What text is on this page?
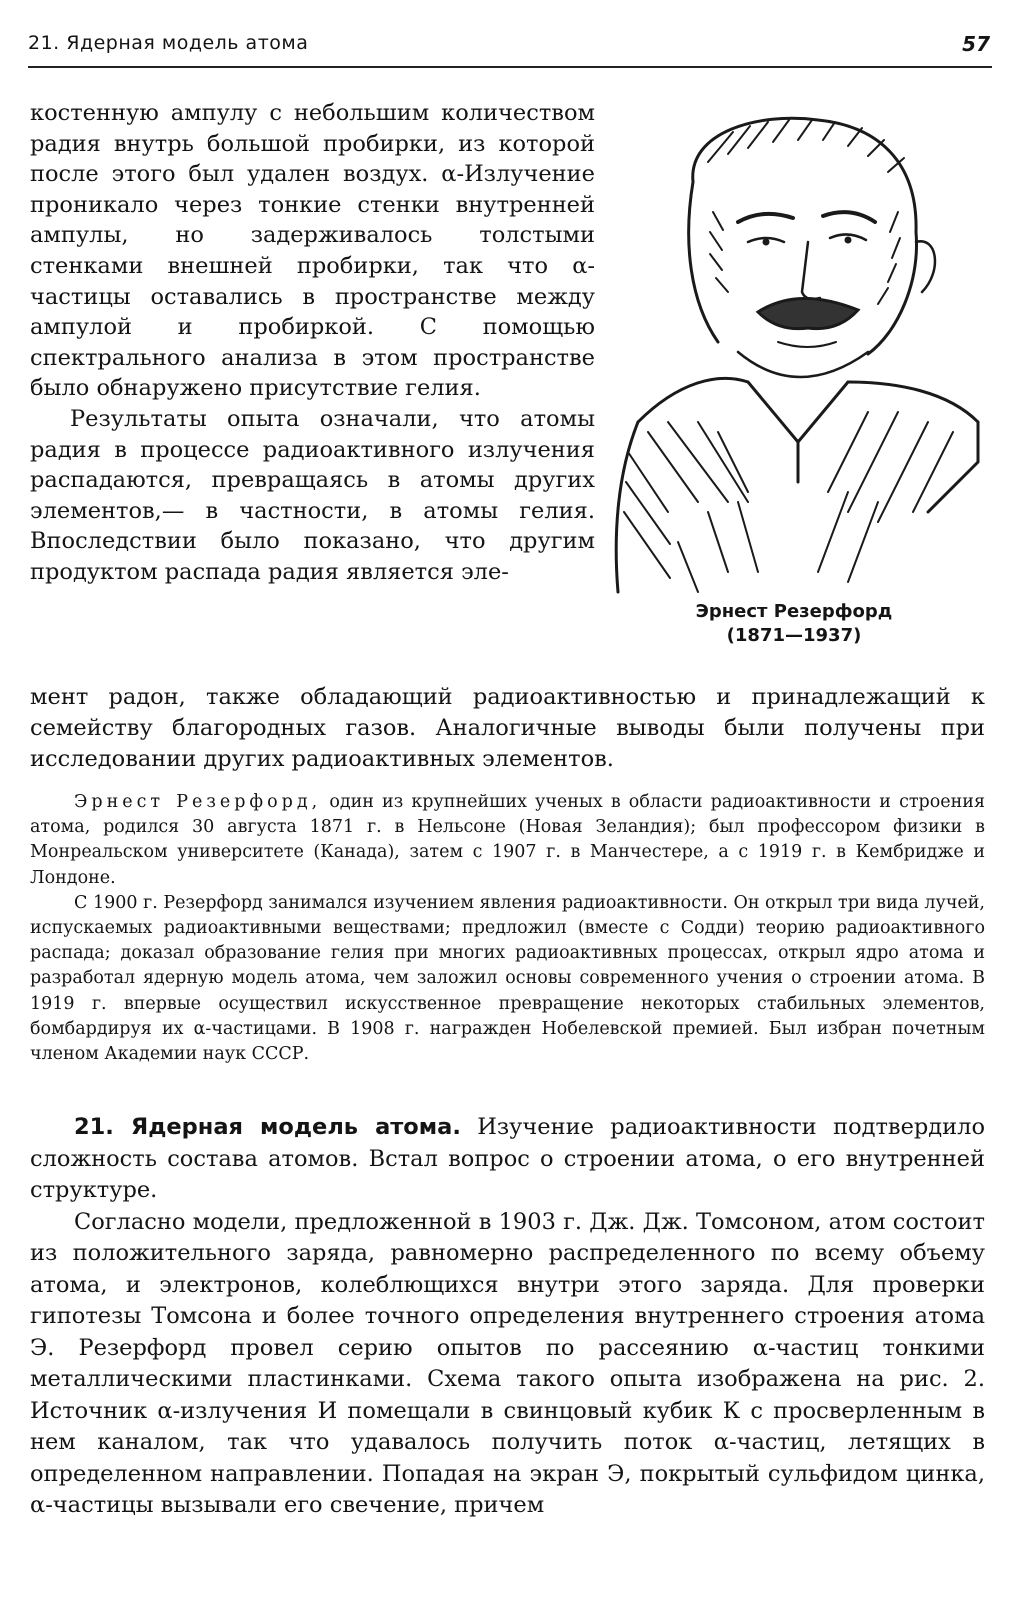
21. Ядерная модель атома	57

костенную ампулу с небольшим количеством радия внутрь большой пробирки, из которой после этого был удален воздух. α-Излучение проникало через тонкие стенки внутренней ампулы, но задерживалось толстыми стенками внешней пробирки, так что α-частицы оставались в пространстве между ампулой и пробиркой. С помощью спектрального анализа в этом пространстве было обнаружено присутствие гелия.

Результаты опыта означали, что атомы радия в процессе радиоактивного излучения распадаются, превращаясь в атомы других элементов,— в частности, в атомы гелия. Впоследствии было показано, что другим продуктом распада радия является эле-

Эрнест Резерфорд
(1871—1937)
мент радон, также обладающий радиоактивностью и принадлежащий к семейству благородных газов. Аналогичные выводы были получены при исследовании других радиоактивных элементов.

Эрнест Резерфорд, один из крупнейших ученых в области радиоактивности и строения атома, родился 30 августа 1871 г. в Нельсоне (Новая Зеландия); был профессором физики в Монреальском университете (Канада), затем с 1907 г. в Манчестере, а с 1919 г. в Кембридже и Лондоне.

С 1900 г. Резерфорд занимался изучением явления радиоактивности. Он открыл три вида лучей, испускаемых радиоактивными веществами; предложил (вместе с Содди) теорию радиоактивного распада; доказал образование гелия при многих радиоактивных процессах, открыл ядро атома и разработал ядерную модель атома, чем заложил основы современного учения о строении атома. В 1919 г. впервые осуществил искусственное превращение некоторых стабильных элементов, бомбардируя их α-частицами. В 1908 г. награжден Нобелевской премией. Был избран почетным членом Академии наук СССР.

21. Ядерная модель атома. Изучение радиоактивности подтвердило сложность состава атомов. Встал вопрос о строении атома, о его внутренней структуре.

Согласно модели, предложенной в 1903 г. Дж. Дж. Томсоном, атом состоит из положительного заряда, равномерно распределенного по всему объему атома, и электронов, колеблющихся внутри этого заряда. Для проверки гипотезы Томсона и более точного определения внутреннего строения атома Э. Резерфорд провел серию опытов по рассеянию α-частиц тонкими металлическими пластинками. Схема такого опыта изображена на рис. 2. Источник α-излучения И помещали в свинцовый кубик К с просверленным в нем каналом, так что удавалось получить поток α-частиц, летящих в определенном направлении. Попадая на экран Э, покрытый сульфидом цинка, α-частицы вызывали его свечение, причем
